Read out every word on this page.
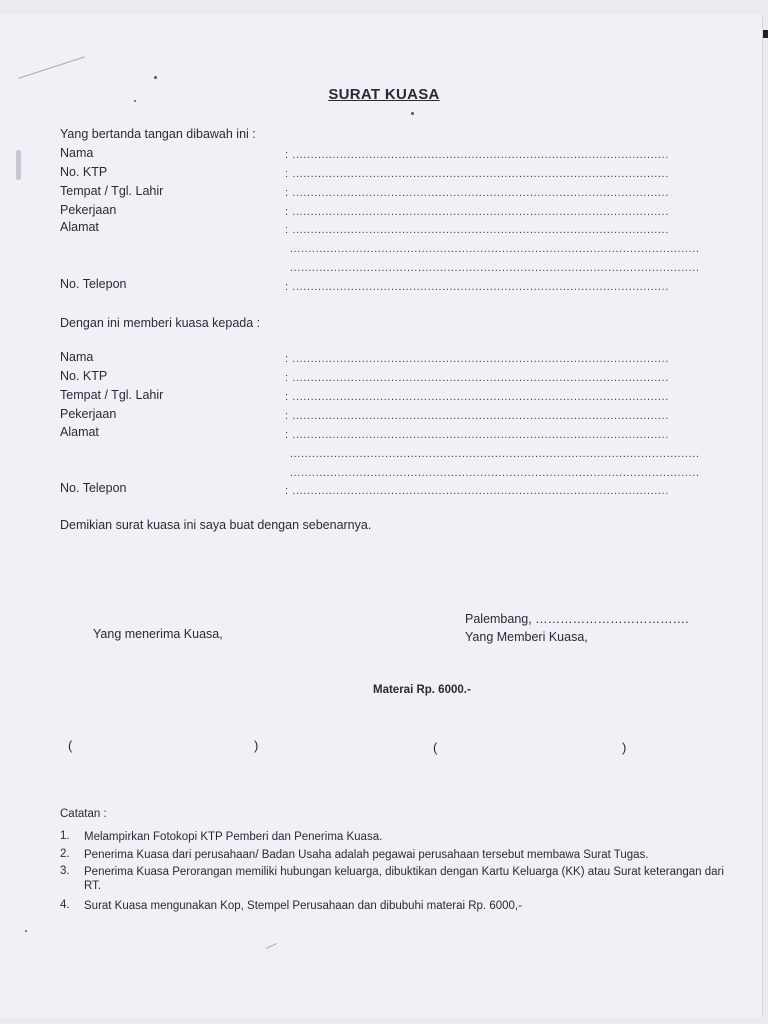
SURAT KUASA
Yang bertanda tangan dibawah ini :
Nama	: .......................................................................................................
No. KTP	: .......................................................................................................
Tempat / Tgl. Lahir	: .......................................................................................................
Pekerjaan	: .......................................................................................................
Alamat	: .......................................................................................................
................................................................................................................
................................................................................................................
No. Telepon	: .......................................................................................................
Dengan ini memberi kuasa kepada :
Nama	: .......................................................................................................
No. KTP	: .......................................................................................................
Tempat / Tgl. Lahir	: .......................................................................................................
Pekerjaan	: .......................................................................................................
Alamat	: .......................................................................................................
................................................................................................................
................................................................................................................
No. Telepon	: .......................................................................................................
Demikian surat kuasa ini saya buat dengan sebenarnya.
Palembang, ……………………………….
Yang menerima Kuasa,	Yang Memberi Kuasa,
Materai Rp. 6000.-
(	)	(	)
Catatan :
1. Melampirkan Fotokopi KTP Pemberi dan Penerima Kuasa.
2. Penerima Kuasa dari perusahaan/ Badan Usaha adalah pegawai perusahaan tersebut membawa Surat Tugas.
3. Penerima Kuasa Perorangan memiliki hubungan keluarga, dibuktikan dengan Kartu Keluarga (KK) atau Surat keterangan dari RT.
4. Surat Kuasa mengunakan Kop, Stempel Perusahaan dan dibubuhi materai Rp. 6000,-
